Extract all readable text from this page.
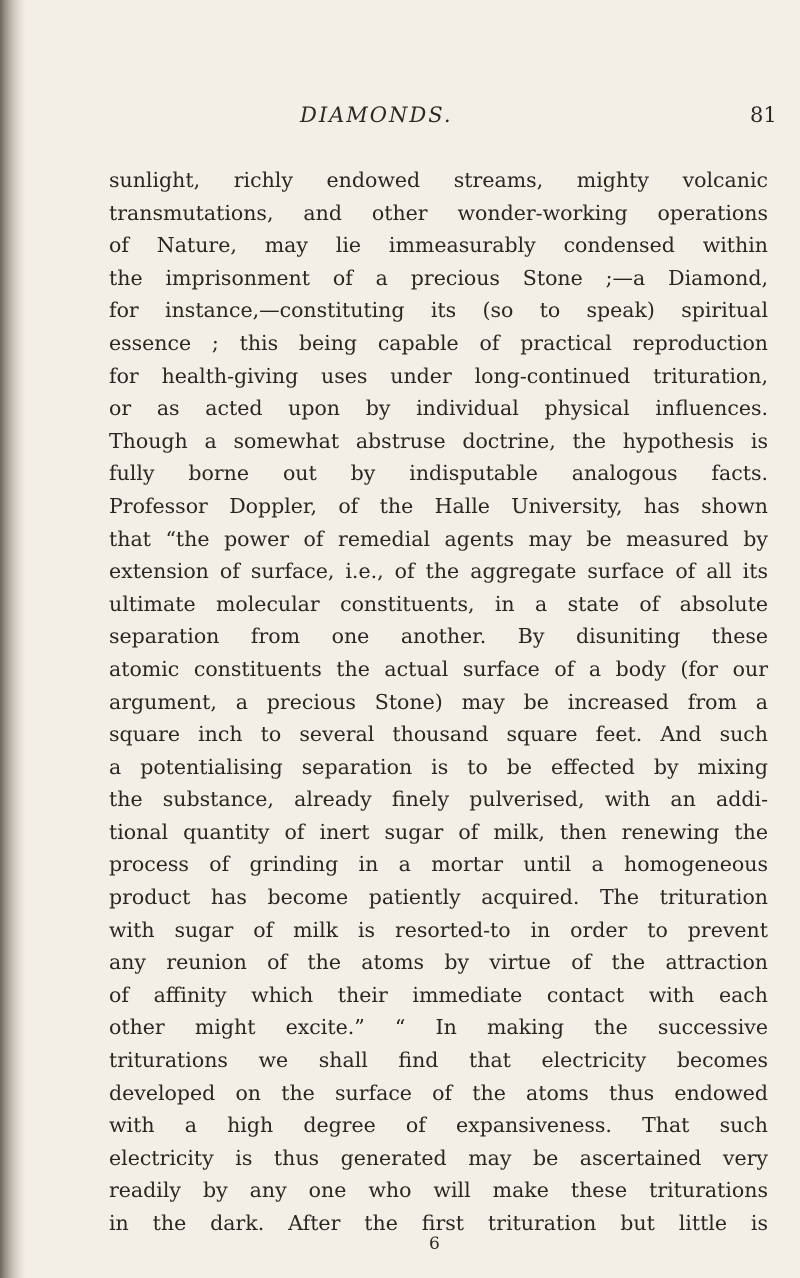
DIAMONDS.	81
sunlight, richly endowed streams, mighty volcanic
transmutations, and other wonder-working operations
of Nature, may lie immeasurably condensed within
the imprisonment of a precious Stone ;—a Diamond,
for instance,—constituting its (so to speak) spiritual
essence ; this being capable of practical reproduction
for health-giving uses under long-continued trituration,
or as acted upon by individual physical influences.
Though a somewhat abstruse doctrine, the hypothesis is
fully borne out by indisputable analogous facts.
Professor Doppler, of the Halle University, has shown
that “the power of remedial agents may be measured by
extension of surface, i.e., of the aggregate surface of all its
ultimate molecular constituents, in a state of absolute
separation from one another. By disuniting these
atomic constituents the actual surface of a body (for our
argument, a precious Stone) may be increased from a
square inch to several thousand square feet. And such
a potentialising separation is to be effected by mixing
the substance, already finely pulverised, with an addi-
tional quantity of inert sugar of milk, then renewing the
process of grinding in a mortar until a homogeneous
product has become patiently acquired. The trituration
with sugar of milk is resorted-to in order to prevent
any reunion of the atoms by virtue of the attraction
of affinity which their immediate contact with each
other might excite.” “ In making the successive
triturations we shall find that electricity becomes
developed on the surface of the atoms thus endowed
with a high degree of expansiveness. That such
electricity is thus generated may be ascertained very
readily by any one who will make these triturations
in the dark. After the first trituration but little is
6
